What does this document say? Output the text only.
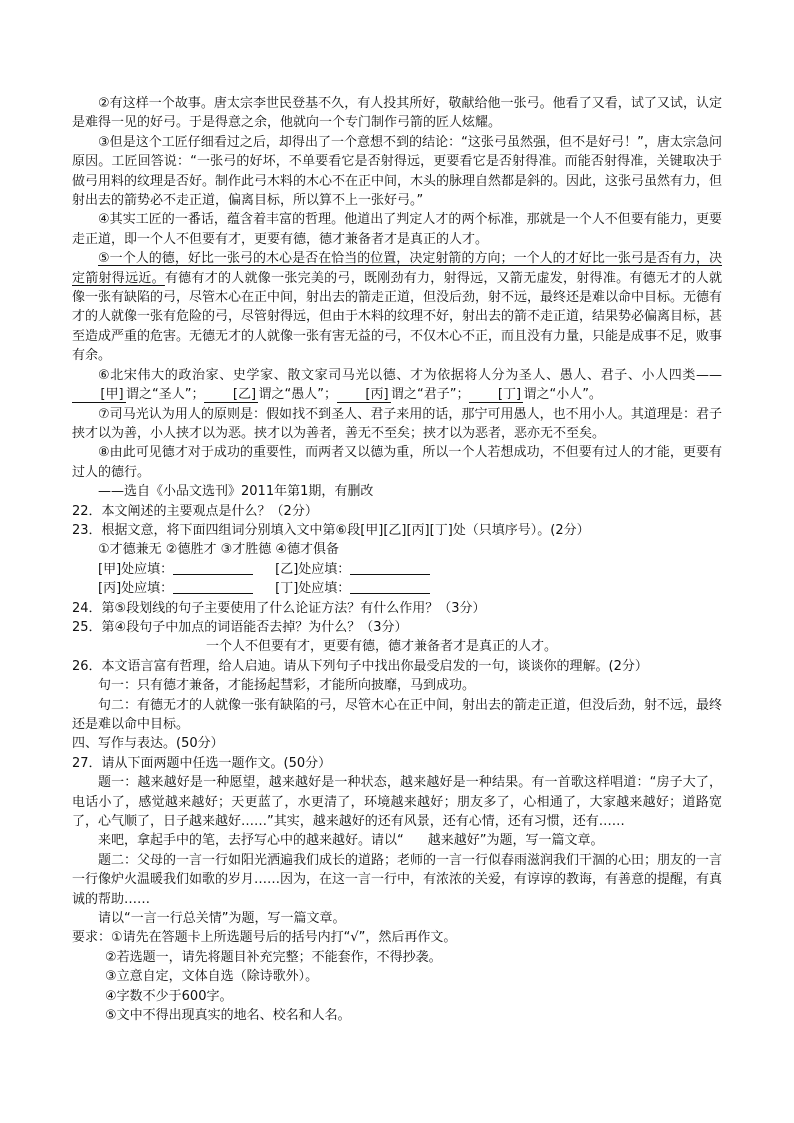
②有这样一个故事。唐太宗李世民登基不久，有人投其所好，敬献给他一张弓。他看了又看，试了又试，认定是难得一见的好弓。于是得意之余，他就向一个专门制作弓箭的匠人炫耀。

③但是这个工匠仔细看过之后，却得出了一个意想不到的结论：“这张弓虽然强，但不是好弓！”，唐太宗急问原因。工匠回答说：“一张弓的好坏，不单要看它是否射得远，更要看它是否射得准。而能否射得准，关键取决于做弓用料的纹理是否好。制作此弓木料的木心不在正中间，木头的脉理自然都是斜的。因此，这张弓虽然有力，但射出去的箭势必不走正道，偏离目标，所以算不上一张好弓。”

④其实工匠的一番话，蕴含着丰富的哲理。他道出了判定人才的两个标准，那就是一个人不但要有能力，更要走正道，即一个人不但要有才，更要有德，德才兼备者才是真正的人才。

⑤一个人的德，好比一张弓的木心是否在恰当的位置，决定射箭的方向；一个人的才好比一张弓是否有力，决定箭射得远近。有德有才的人就像一张完美的弓，既刚劲有力，射得远，又箭无虚发，射得准。有德无才的人就像一张有缺陷的弓，尽管木心在正中间，射出去的箭走正道，但没后劲，射不远，最终还是难以命中目标。无德有才的人就像一张有危险的弓，尽管射得远，但由于木料的纹理不好，射出去的箭不走正道，结果势必偏离目标，甚至造成严重的危害。无德无才的人就像一张有害无益的弓，不仅木心不正，而且没有力量，只能是成事不足，败事有余。

⑥北宋伟大的政治家、史学家、散文家司马光以德、才为依据将人分为圣人、愚人、君子、小人四类——[甲] 谓之“圣人”； [乙] 谓之“愚人”； [丙] 谓之“君子”； [丁] 谓之“小人”。

⑦司马光认为用人的原则是：假如找不到圣人、君子来用的话，那宁可用愚人，也不用小人。其道理是：君子挟才以为善，小人挟才以为恶。挟才以为善者，善无不至矣；挟才以为恶者，恶亦无不至矣。

⑧由此可见德才对于成功的重要性，而两者又以德为重，所以一个人若想成功，不但要有过人的才能，更要有过人的德行。

——选自《小品文选刊》2011年第1期，有删改

22．本文阐述的主要观点是什么？（2分）

23．根据文意，将下面四组词分别填入文中第⑥段[甲][乙][丙][丁]处（只填序号）。(2分）

①才德兼无 ②德胜才 ③才胜德 ④德才俱备

[甲]处应填：	[乙]处应填：

[丙]处应填：	[丁]处应填：

24．第⑤段划线的句子主要使用了什么论证方法？有什么作用？（3分）

25．第④段句子中加点的词语能否去掉？为什么？（3分）

一个人不但要有才，更要有德，德才兼备者才是真正的人才。

26．本文语言富有哲理，给人启迪。请从下列句子中找出你最受启发的一句，谈谈你的理解。(2分）

句一：只有德才兼备，才能扬起彗彩，才能所向披靡，马到成功。

句二：有德无才的人就像一张有缺陷的弓，尽管木心在正中间，射出去的箭走正道，但没后劲，射不远，最终还是难以命中目标。

四、写作与表达。(50分）

27．请从下面两题中任选一题作文。(50分）

题一：越来越好是一种愿望，越来越好是一种状态，越来越好是一种结果。有一首歌这样唱道：“房子大了，电话小了，感觉越来越好；天更蓝了，水更清了，环境越来越好；朋友多了，心相通了，大家越来越好；道路宽了，心气顺了，日子越来越好……”其实，越来越好的还有风景，还有心情，还有习惯，还有……

来吧，拿起手中的笔，去抒写心中的越来越好。请以“ 越来越好”为题，写一篇文章。

题二：父母的一言一行如阳光洒遍我们成长的道路；老师的一言一行似春雨滋润我们干涸的心田；朋友的一言一行像炉火温暖我们如歌的岁月……因为，在这一言一行中，有浓浓的关爱，有谆谆的教诲，有善意的提醒，有真诚的帮助……

请以“一言一行总关情”为题，写一篇文章。

要求：①请先在答题卡上所选题号后的括号内打“√”，然后再作文。

②若选题一，请先将题目补充完整；不能套作，不得抄袭。

③立意自定，文体自选（除诗歌外）。

④字数不少于600字。

⑤文中不得出现真实的地名、校名和人名。
